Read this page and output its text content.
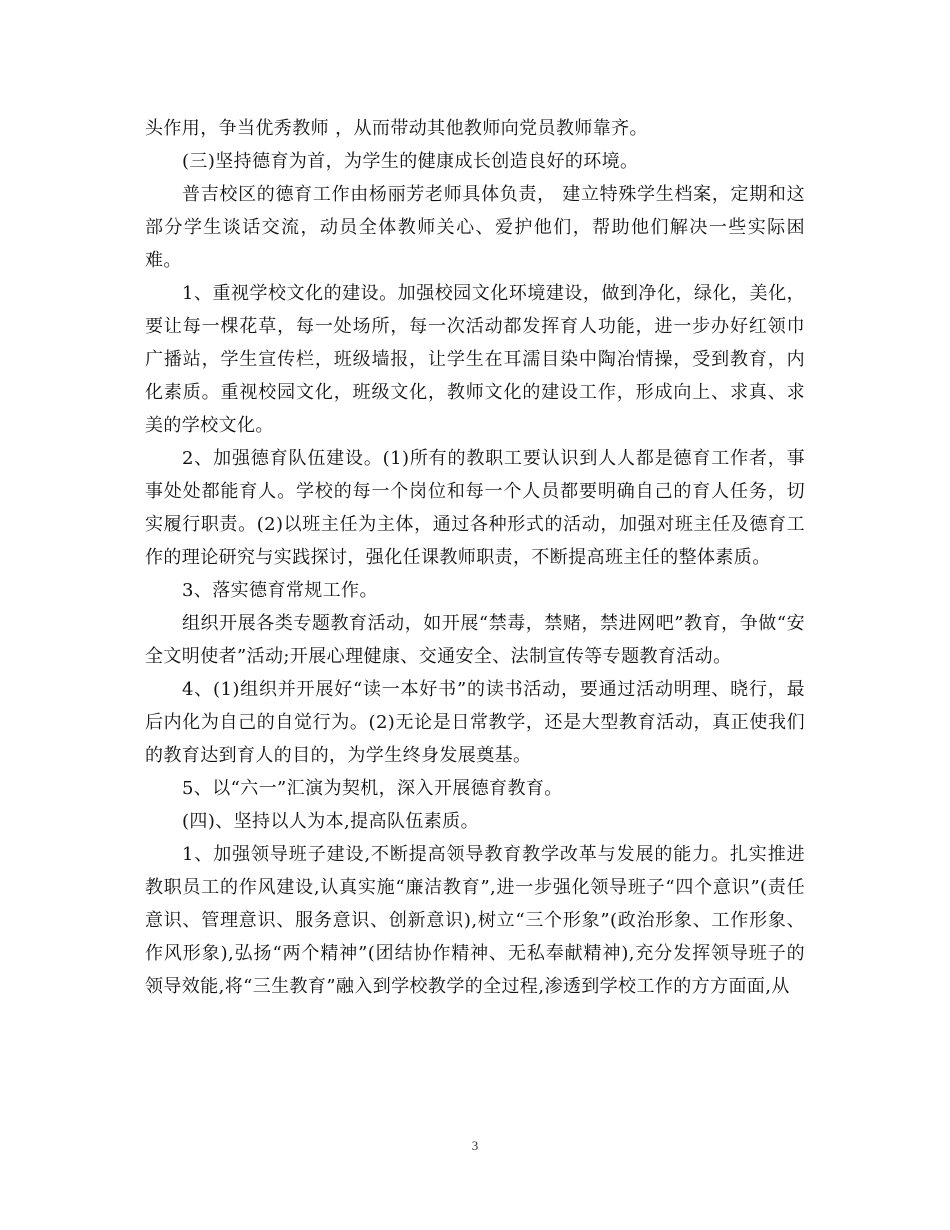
头作用，争当优秀教师 ，从而带动其他教师向党员教师靠齐。

(三)坚持德育为首，为学生的健康成长创造良好的环境。

普吉校区的德育工作由杨丽芳老师具体负责， 建立特殊学生档案，定期和这部分学生谈话交流，动员全体教师关心、爱护他们，帮助他们解决一些实际困难。

1、重视学校文化的建设。加强校园文化环境建设，做到净化，绿化，美化，要让每一棵花草，每一处场所，每一次活动都发挥育人功能，进一步办好红领巾广播站，学生宣传栏，班级墙报，让学生在耳濡目染中陶冶情操，受到教育，内化素质。重视校园文化，班级文化，教师文化的建设工作，形成向上、求真、求美的学校文化。

2、加强德育队伍建设。(1)所有的教职工要认识到人人都是德育工作者，事事处处都能育人。学校的每一个岗位和每一个人员都要明确自己的育人任务，切实履行职责。(2)以班主任为主体，通过各种形式的活动，加强对班主任及德育工作的理论研究与实践探讨，强化任课教师职责，不断提高班主任的整体素质。

3、落实德育常规工作。

组织开展各类专题教育活动，如开展“禁毒，禁赌，禁进网吧”教育，争做“安全文明使者”活动;开展心理健康、交通安全、法制宣传等专题教育活动。

4、(1)组织并开展好“读一本好书”的读书活动，要通过活动明理、晓行，最后内化为自己的自觉行为。(2)无论是日常教学，还是大型教育活动，真正使我们的教育达到育人的目的，为学生终身发展奠基。

5、以“六一”汇演为契机，深入开展德育教育。

(四)、坚持以人为本,提高队伍素质。

1、加强领导班子建设,不断提高领导教育教学改革与发展的能力。扎实推进教职员工的作风建设,认真实施“廉洁教育”,进一步强化领导班子“四个意识”(责任意识、管理意识、服务意识、创新意识),树立“三个形象”(政治形象、工作形象、作风形象),弘扬“两个精神”(团结协作精神、无私奉献精神),充分发挥领导班子的领导效能,将“三生教育”融入到学校教学的全过程,渗透到学校工作的方方面面,从

3
